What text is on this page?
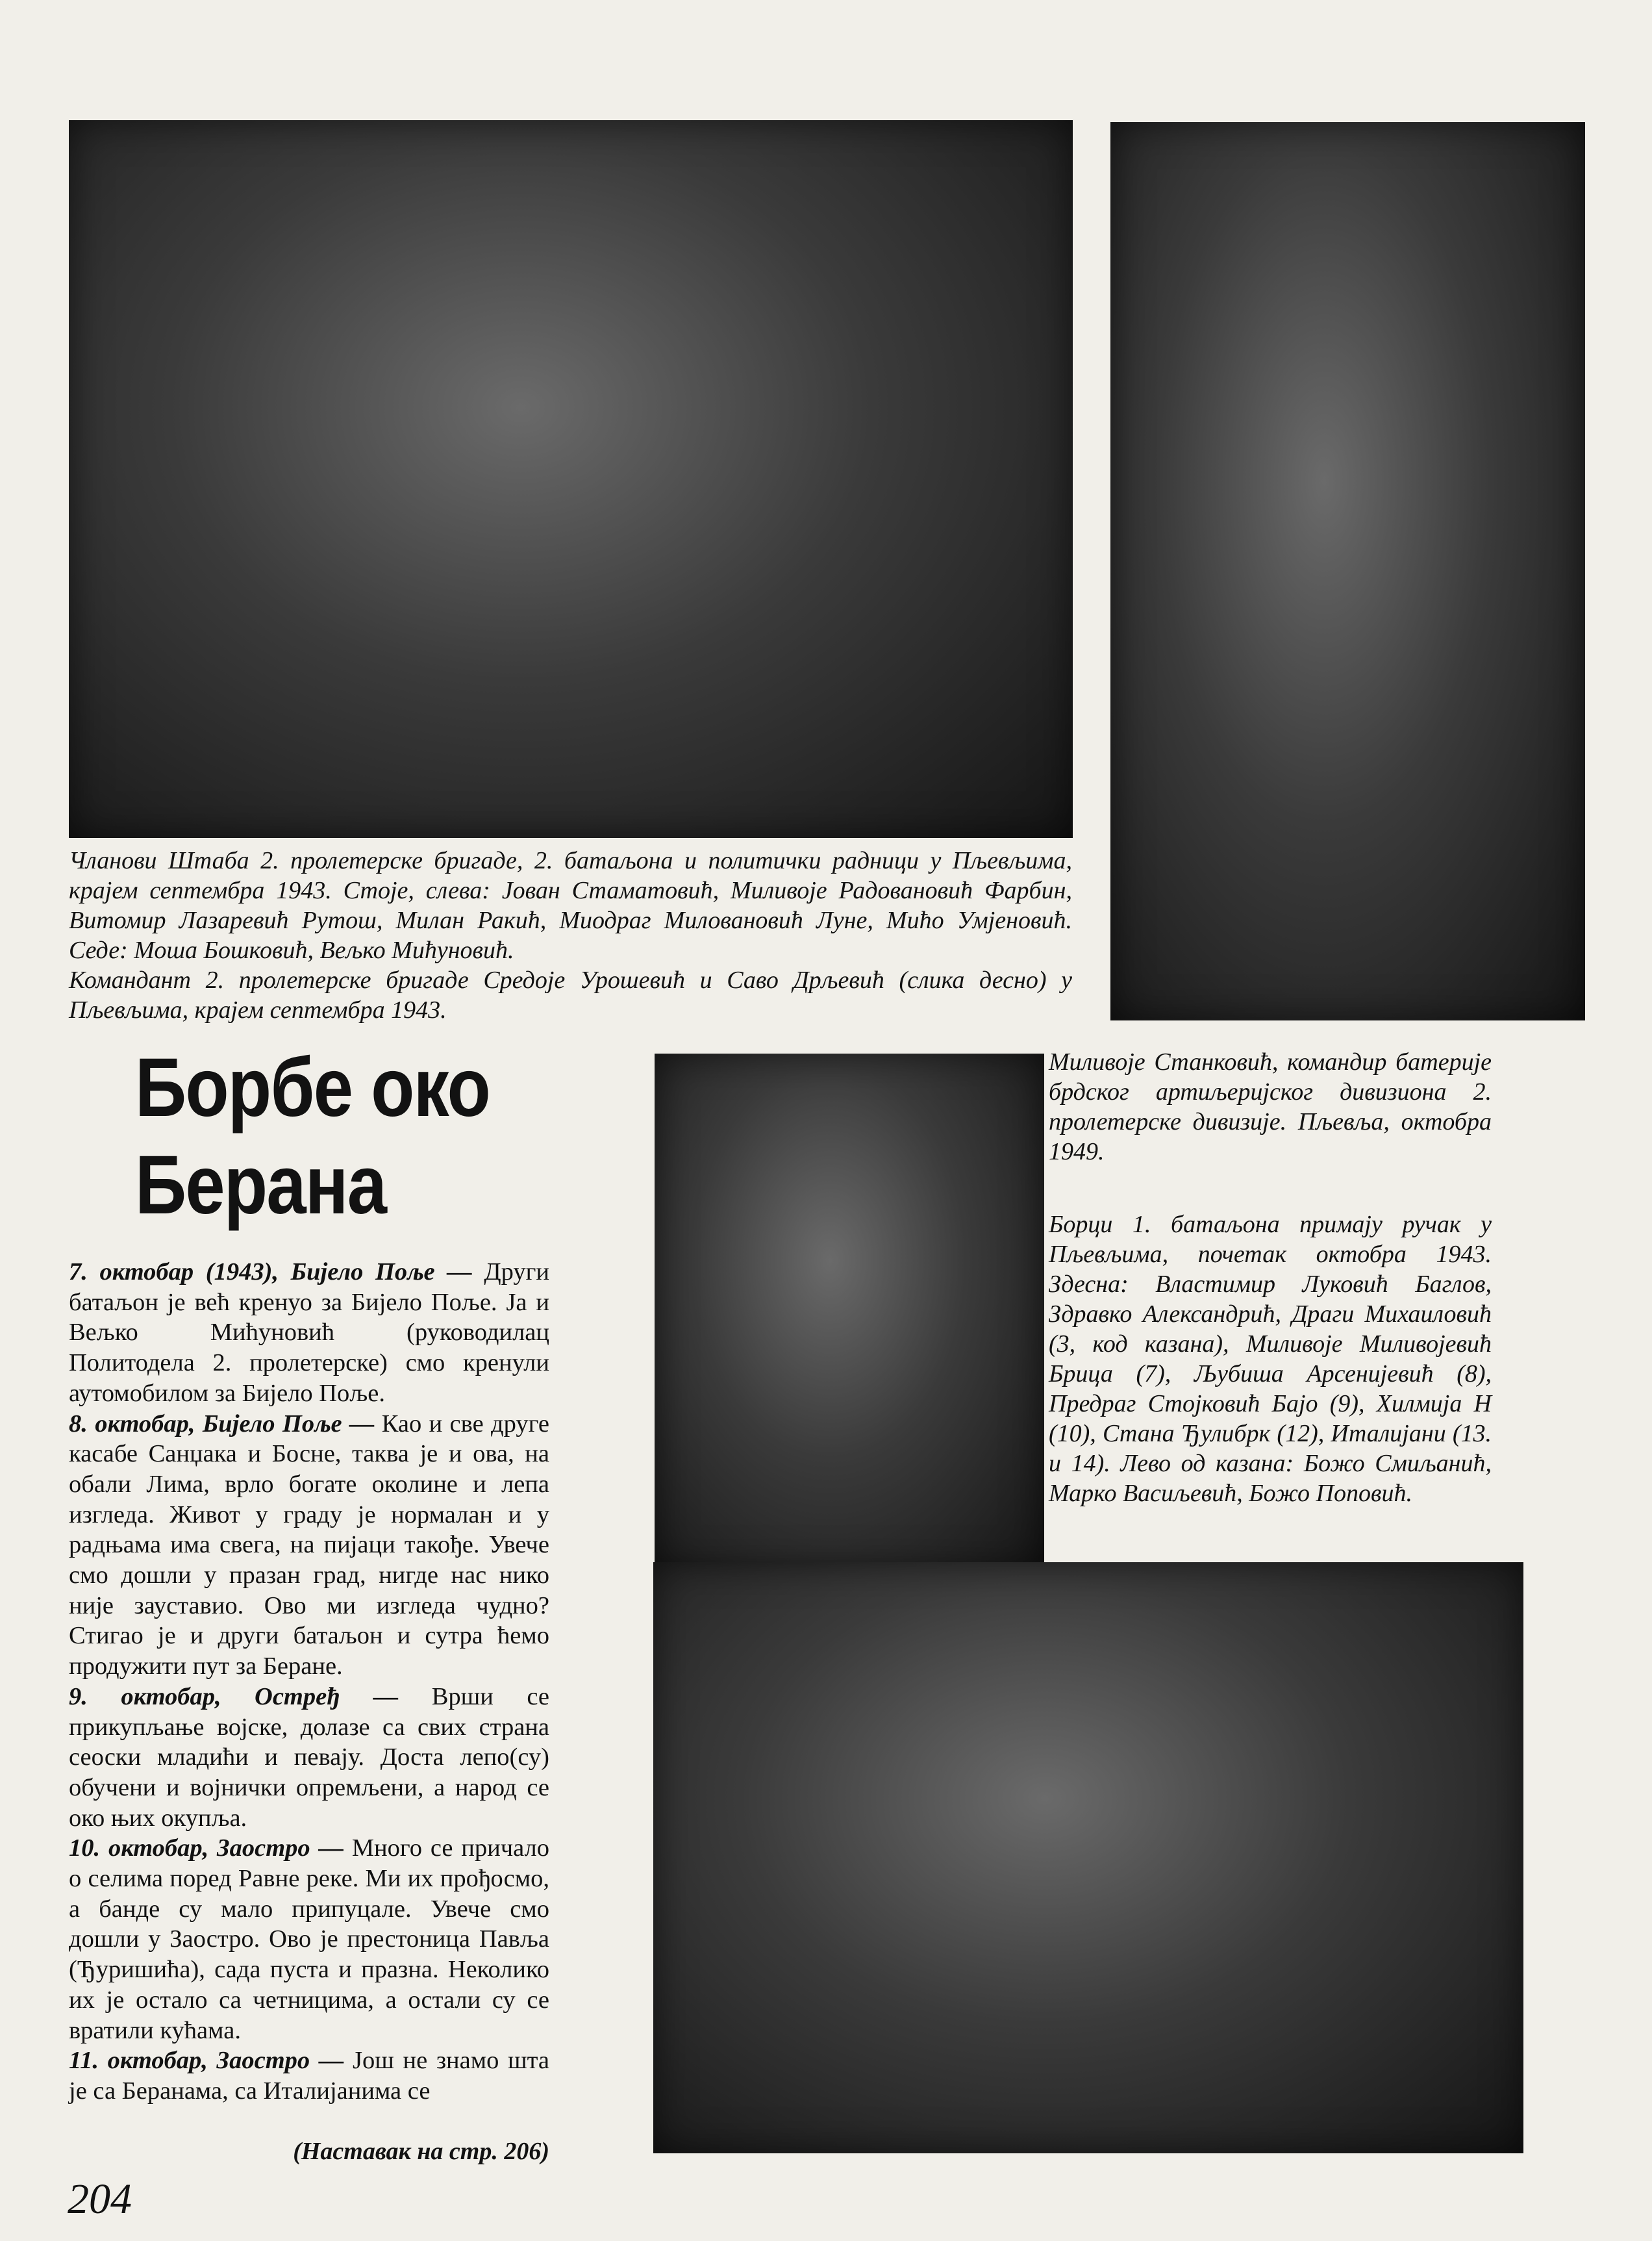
Чланови Штаба 2. пролетерске бригаде, 2. батаљона и политички радници у Пљевљима, крајем септембра 1943. Стоје, слева: Јован Стаматовић, Миливоје Радовановић Фарбин, Витомир Лазаревић Рутош, Милан Ракић, Миодраг Миловановић Луне, Мићо Умјеновић. Седе: Моша Бошковић, Вељко Мићуновић.

Командант 2. пролетерске бригаде Средоје Урошевић и Саво Дрљевић (слика десно) у Пљевљима, крајем септембра 1943.

Миливоје Станковић, командир батерије брдског артиљеријског дивизиона 2. пролетерске дивизије. Пљевља, октобра 1949.

Борци 1. батаљона примају ручак у Пљевљима, почетак октобра 1943. Здесна: Властимир Луковић Баглов, Здравко Александрић, Драги Михаиловић (3, код казана), Миливоје Миливојевић Брица (7), Љубиша Арсенијевић (8), Предраг Стојковић Бајо (9), Хилмија Н (10), Стана Ђулибрк (12), Италијани (13. и 14). Лево од казана: Божо Смиљанић, Марко Васиљевић, Божо Поповић.

Борбе око Берана

7. октобар (1943), Бијело Поље — Други батаљон је већ кренуо за Бијело Поље. Ја и Вељко Мићуновић (руководилац Политодела 2. пролетерске) смо кренули аутомобилом за Бијело Поље.

8. октобар, Бијело Поље — Као и све друге касабе Санџака и Босне, таква је и ова, на обали Лима, врло богате околине и лепа изгледа. Живот у граду је нормалан и у радњама има свега, на пијаци такође. Увече смо дошли у празан град, нигде нас нико није зауставио. Ово ми изгледа чудно? Стигао је и други батаљон и сутра ћемо продужити пут за Беране.

9. октобар, Остређ — Врши се прикупљање војске, долазе са свих страна сеоски младићи и певају. Доста лепо(су) обучени и војнички опремљени, а народ се око њих окупља.

10. октобар, Заостро — Много се причало о селима поред Равне реке. Ми их прођосмо, а банде су мало припуцале. Увече смо дошли у Заостро. Ово је престоница Павља (Ђуришића), сада пуста и празна. Неколико их је остало са четницима, а остали су се вратили кућама.

11. октобар, Заостро — Још не знамо шта је са Беранама, са Италијанима се

(Наставак на стр. 206)
204
